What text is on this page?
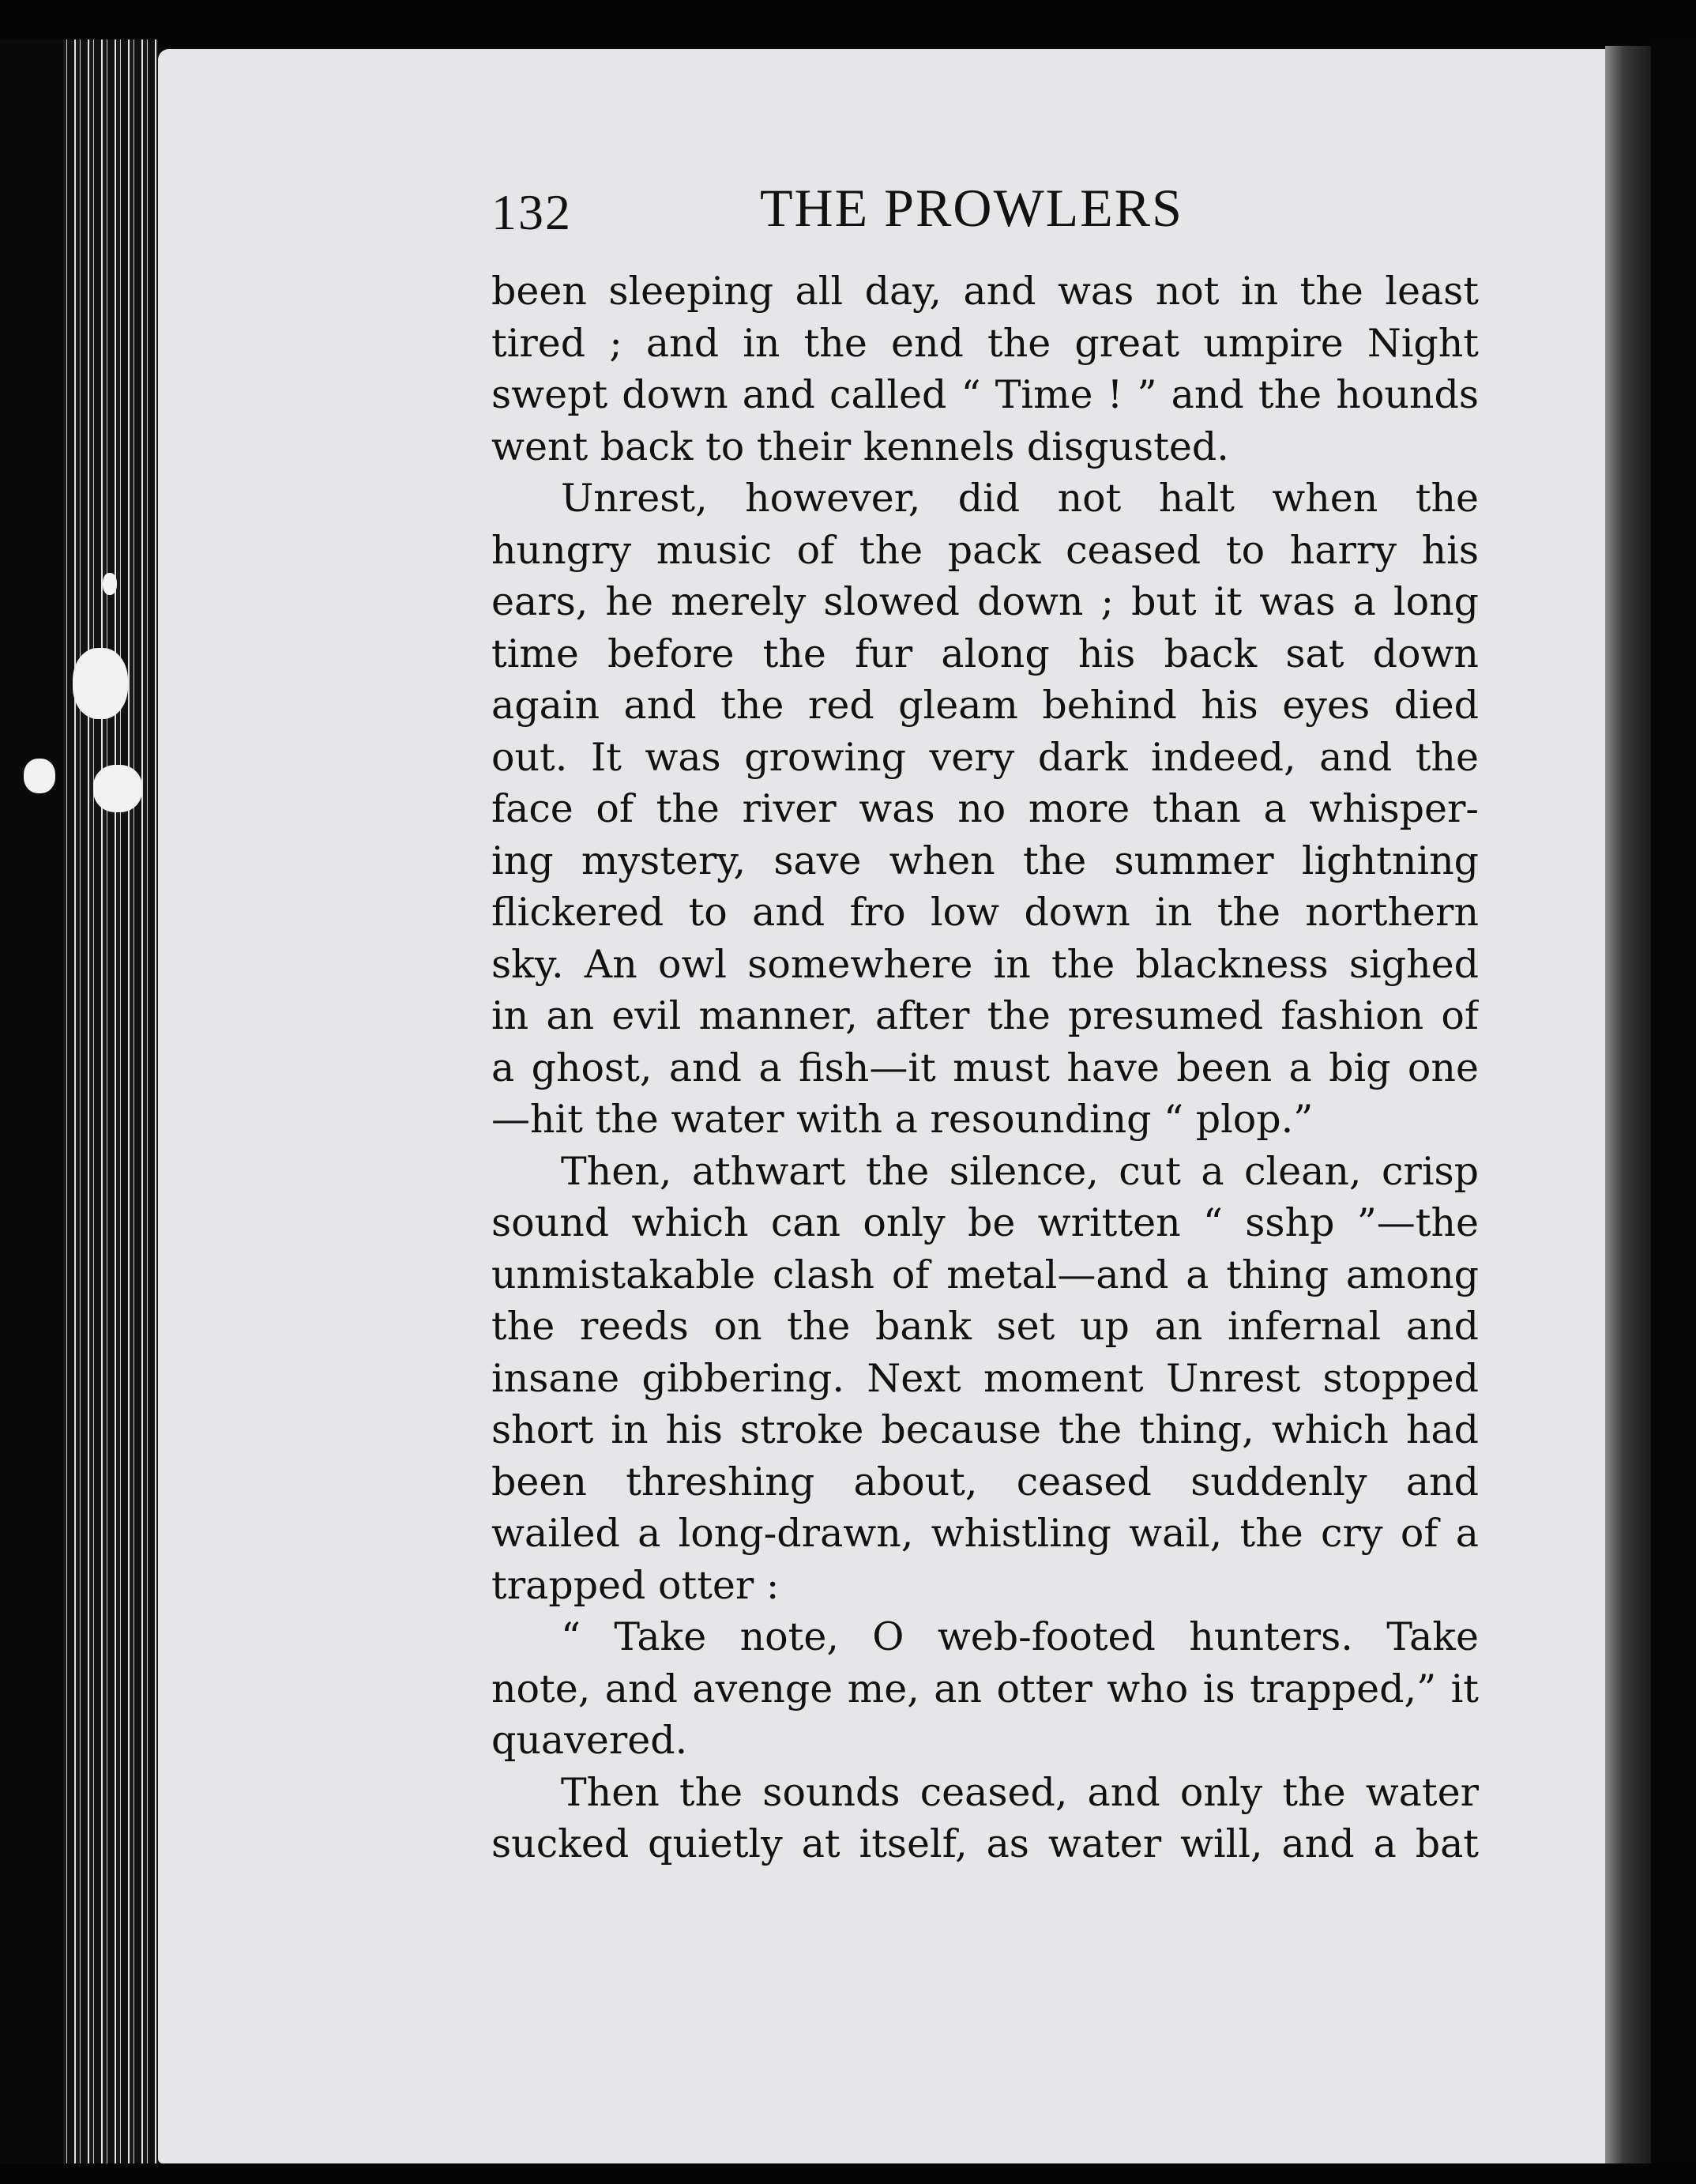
132	THE PROWLERS
been sleeping all day, and was not in the least
tired ; and in the end the great umpire Night
swept down and called “ Time ! ” and the hounds
went back to their kennels disgusted.
Unrest, however, did not halt when the
hungry music of the pack ceased to harry his
ears, he merely slowed down ; but it was a long
time before the fur along his back sat down
again and the red gleam behind his eyes died
out. It was growing very dark indeed, and the
face of the river was no more than a whisper-
ing mystery, save when the summer lightning
flickered to and fro low down in the northern
sky. An owl somewhere in the blackness sighed
in an evil manner, after the presumed fashion of
a ghost, and a fish—it must have been a big one
—hit the water with a resounding “ plop.”
Then, athwart the silence, cut a clean, crisp
sound which can only be written “ sshp ”—the
unmistakable clash of metal—and a thing among
the reeds on the bank set up an infernal and
insane gibbering. Next moment Unrest stopped
short in his stroke because the thing, which had
been threshing about, ceased suddenly and
wailed a long-drawn, whistling wail, the cry of a
trapped otter :
“ Take note, O web-footed hunters. Take
note, and avenge me, an otter who is trapped,” it
quavered.
Then the sounds ceased, and only the water
sucked quietly at itself, as water will, and a bat
